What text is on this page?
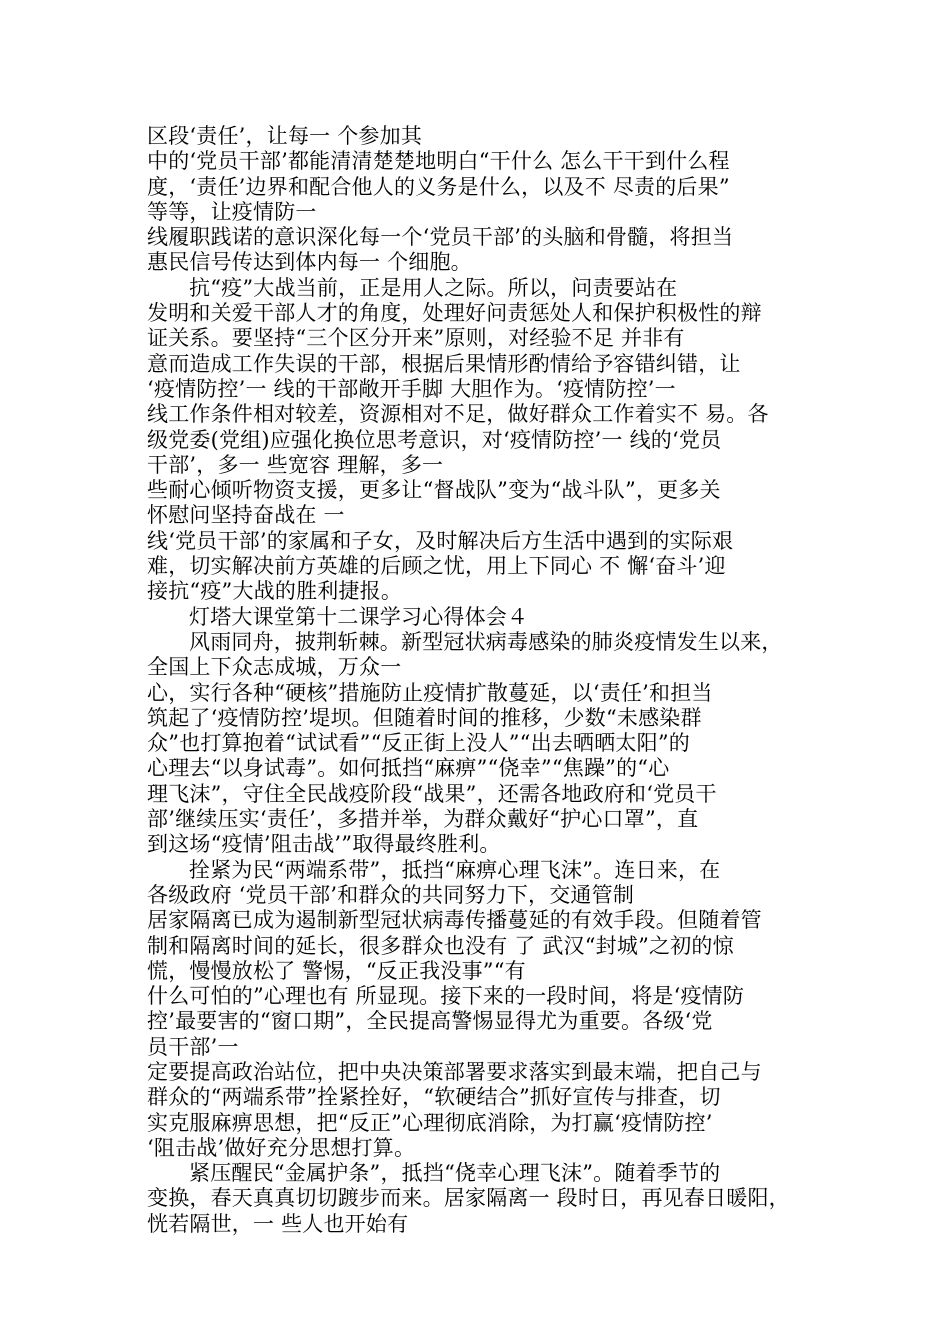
区段‘责任’，让每一 个参加其
中的‘党员干部’都能清清楚楚地明白“干什么 怎么干干到什么程
度，‘责任’边界和配合他人的义务是什么，以及不 尽责的后果”
等等，让疫情防一
线履职践诺的意识深化每一个‘党员干部’的头脑和骨髓，将担当
惠民信号传达到体内每一 个细胞。
抗“疫”大战当前，正是用人之际。所以，问责要站在
发明和关爱干部人才的角度，处理好问责惩处人和保护积极性的辩
证关系。要坚持“三个区分开来”原则，对经验不足 并非有
意而造成工作失误的干部，根据后果情形酌情给予容错纠错，让
‘疫情防控’一 线的干部敞开手脚 大胆作为。‘疫情防控’一
线工作条件相对较差，资源相对不足，做好群众工作着实不 易。各
级党委(党组)应强化换位思考意识，对‘疫情防控’一 线的‘党员
干部’，多一 些宽容 理解，多一
些耐心倾听物资支援，更多让“督战队”变为“战斗队”，更多关
怀慰问坚持奋战在 一
线‘党员干部’的家属和子女，及时解决后方生活中遇到的实际艰
难，切实解决前方英雄的后顾之忧，用上下同心 不 懈‘奋斗’迎
接抗“疫”大战的胜利捷报。
灯塔大课堂第十二课学习心得体会４
风雨同舟，披荆斩棘。新型冠状病毒感染的肺炎疫情发生以来，
全国上下众志成城，万众一
心，实行各种“硬核”措施防止疫情扩散蔓延，以‘责任’和担当
筑起了‘疫情防控’堤坝。但随着时间的推移，少数“未感染群
众”也打算抱着“试试看”“反正街上没人”“出去晒晒太阳”的
心理去“以身试毒”。如何抵挡“麻痹”“侥幸”“焦躁”的“心
理飞沫”，守住全民战疫阶段“战果”，还需各地政府和‘党员干
部’继续压实‘责任’，多措并举，为群众戴好“护心口罩”，直
到这场“疫情’阻击战’”取得最终胜利。
拴紧为民“两端系带”，抵挡“麻痹心理飞沫”。连日来，在
各级政府 ‘党员干部’和群众的共同努力下，交通管制
居家隔离已成为遏制新型冠状病毒传播蔓延的有效手段。但随着管
制和隔离时间的延长，很多群众也没有 了 武汉“封城”之初的惊
慌，慢慢放松了 警惕，“反正我没事”“有
什么可怕的”心理也有 所显现。接下来的一段时间，将是‘疫情防
控’最要害的“窗口期”，全民提高警惕显得尤为重要。各级‘党
员干部’一
定要提高政治站位，把中央决策部署要求落实到最末端，把自己与
群众的“两端系带”拴紧拴好，“软硬结合”抓好宣传与排查，切
实克服麻痹思想，把“反正”心理彻底消除，为打赢‘疫情防控’
‘阻击战’做好充分思想打算。
紧压醒民“金属护条”，抵挡“侥幸心理飞沫”。随着季节的
变换，春天真真切切踱步而来。居家隔离一 段时日，再见春日暖阳，
恍若隔世，一 些人也开始有
